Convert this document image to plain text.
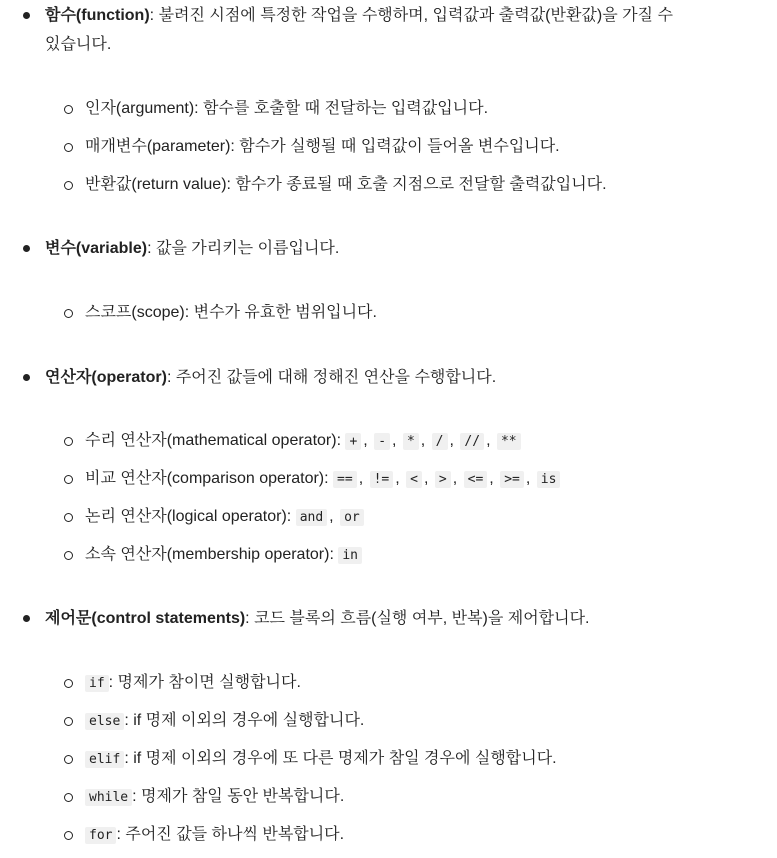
함수(function): 불려진 시점에 특정한 작업을 수행하며, 입력값과 출력값(반환값)을 가질 수
있습니다.
인자(argument): 함수를 호출할 때 전달하는 입력값입니다.
매개변수(parameter): 함수가 실행될 때 입력값이 들어올 변수입니다.
반환값(return value): 함수가 종료될 때 호출 지점으로 전달할 출력값입니다.
변수(variable): 값을 가리키는 이름입니다.
스코프(scope): 변수가 유효한 범위입니다.
연산자(operator): 주어진 값들에 대해 정해진 연산을 수행합니다.
수리 연산자(mathematical operator): + , - , * , / , // , **
비교 연산자(comparison operator): == , != , < , > , <= , >= , is
논리 연산자(logical operator): and , or
소속 연산자(membership operator): in
제어문(control statements): 코드 블록의 흐름(실행 여부, 반복)을 제어합니다.
if : 명제가 참이면 실행합니다.
else : if 명제 이외의 경우에 실행합니다.
elif : if 명제 이외의 경우에 또 다른 명제가 참일 경우에 실행합니다.
while : 명제가 참일 동안 반복합니다.
for : 주어진 값들 하나씩 반복합니다.
